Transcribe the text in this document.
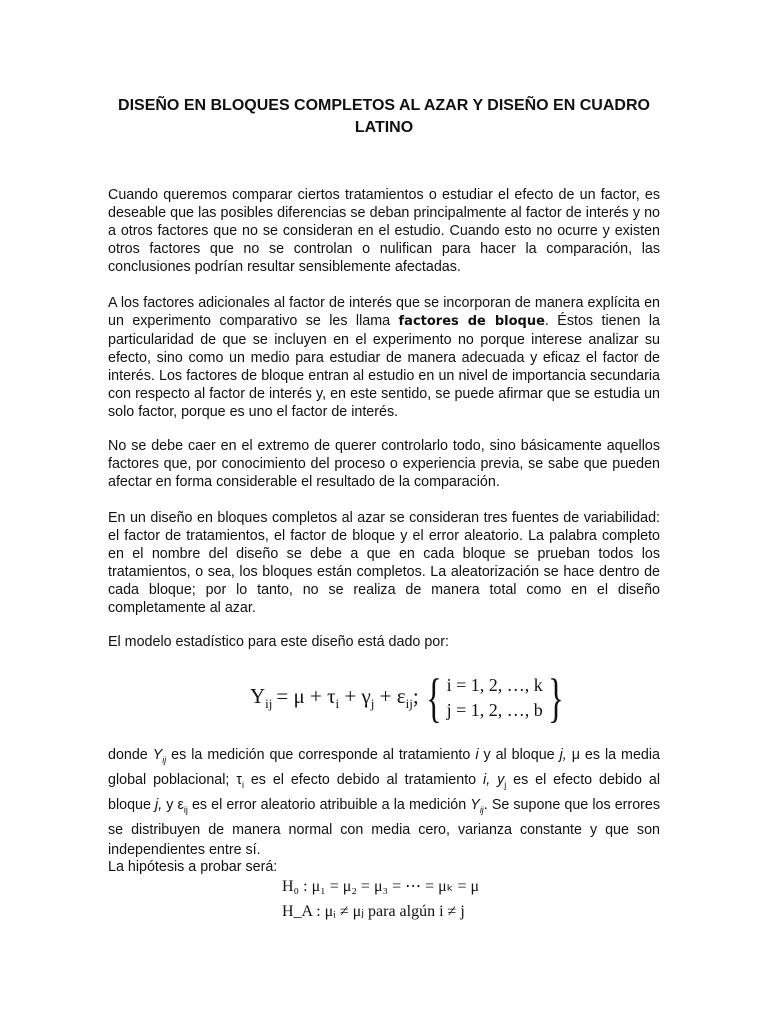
DISEÑO EN BLOQUES COMPLETOS AL AZAR Y DISEÑO EN CUADRO LATINO

Cuando queremos comparar ciertos tratamientos o estudiar el efecto de un factor, es deseable que las posibles diferencias se deban principalmente al factor de interés y no a otros factores que no se consideran en el estudio. Cuando esto no ocurre y existen otros factores que no se controlan o nulifican para hacer la comparación, las conclusiones podrían resultar sensiblemente afectadas.

A los factores adicionales al factor de interés que se incorporan de manera explícita en un experimento comparativo se les llama factores de bloque. Éstos tienen la particularidad de que se incluyen en el experimento no porque interese analizar su efecto, sino como un medio para estudiar de manera adecuada y eficaz el factor de interés. Los factores de bloque entran al estudio en un nivel de importancia secundaria con respecto al factor de interés y, en este sentido, se puede afirmar que se estudia un solo factor, porque es uno el factor de interés.

No se debe caer en el extremo de querer controlarlo todo, sino básicamente aquellos factores que, por conocimiento del proceso o experiencia previa, se sabe que pueden afectar en forma considerable el resultado de la comparación.

En un diseño en bloques completos al azar se consideran tres fuentes de variabilidad: el factor de tratamientos, el factor de bloque y el error aleatorio. La palabra completo en el nombre del diseño se debe a que en cada bloque se prueban todos los tratamientos, o sea, los bloques están completos. La aleatorización se hace dentro de cada bloque; por lo tanto, no se realiza de manera total como en el diseño completamente al azar.

El modelo estadístico para este diseño está dado por:

$Y_{ij} = \mu + \tau_i + \gamma_j + \varepsilon_{ij}$; { i = 1, 2, …, k
j = 1, 2, …, b }

donde $Y_{ij}$ es la medición que corresponde al tratamiento i y al bloque j, μ es la media global poblacional; $\tau_i$ es el efecto debido al tratamiento i, $y_j$ es el efecto debido al bloque j, y $\varepsilon_{ij}$ es el error aleatorio atribuible a la medición $Y_{ij}$. Se supone que los errores se distribuyen de manera normal con media cero, varianza constante y que son independientes entre sí.

La hipótesis a probar será:

H₀ : μ₁ = μ₂ = μ₃ = ⋯ = μₖ = μ
H_A : μᵢ ≠ μⱼ para algún i ≠ j
